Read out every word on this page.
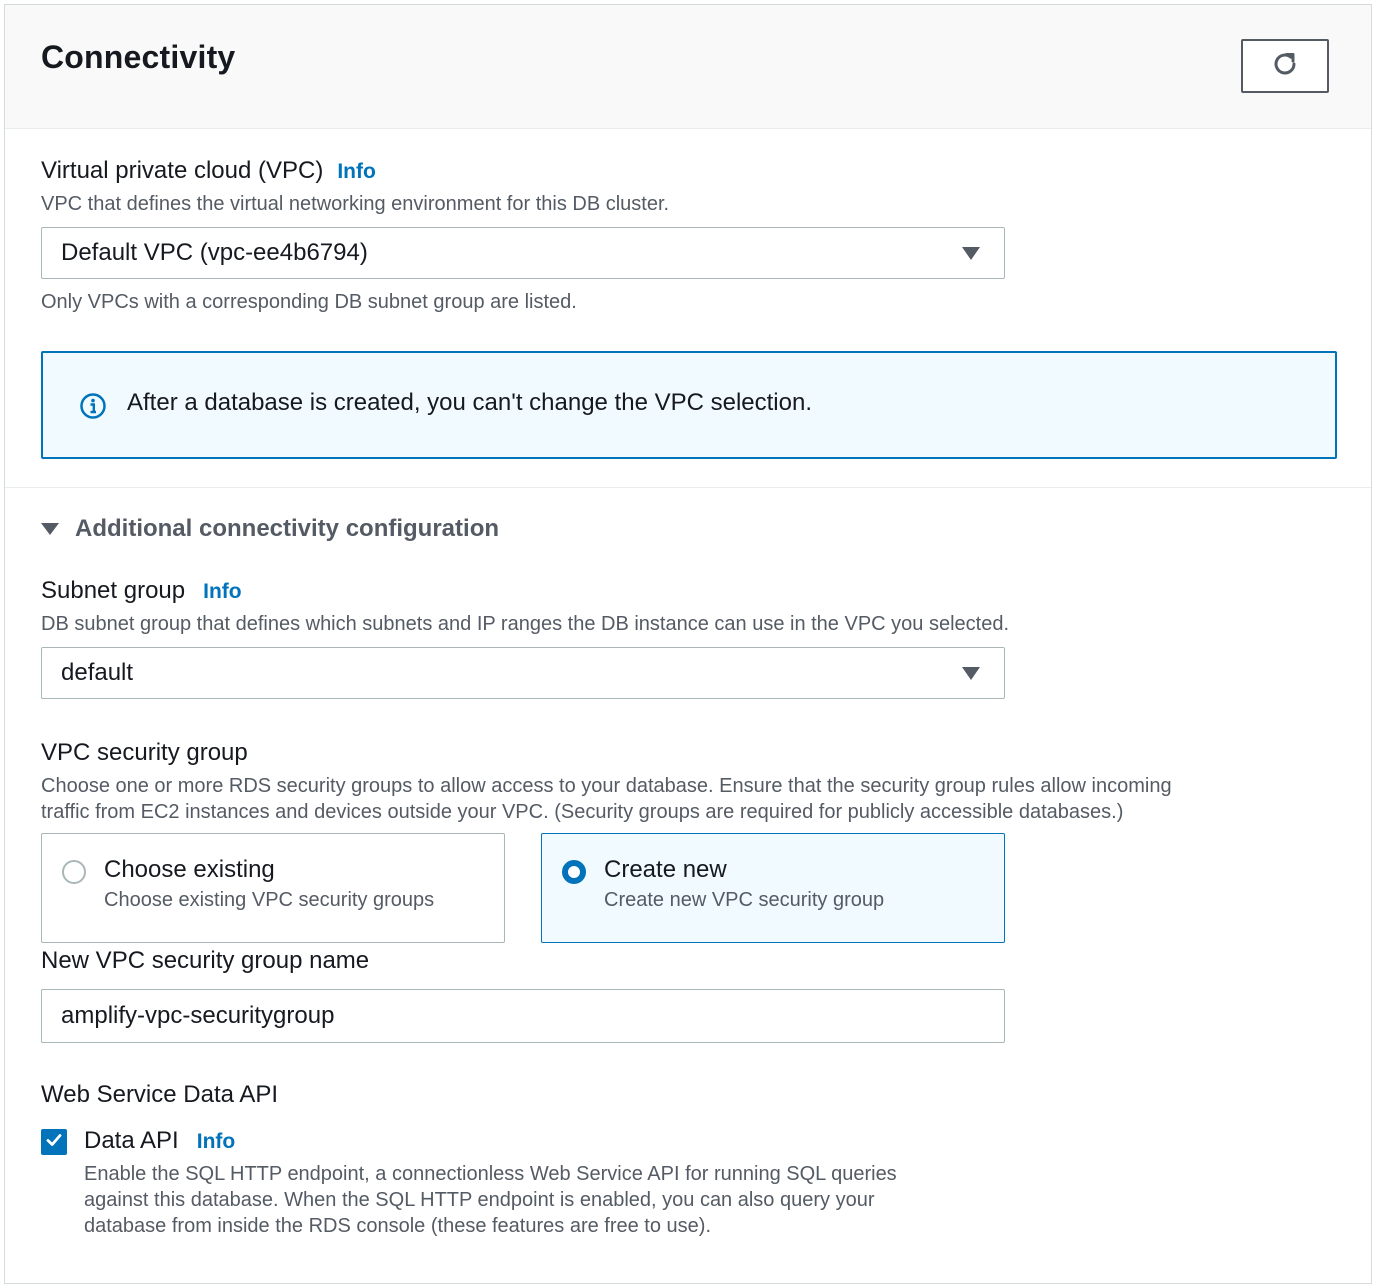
Connectivity
Virtual private cloud (VPC) Info
VPC that defines the virtual networking environment for this DB cluster.
Default VPC (vpc-ee4b6794)
Only VPCs with a corresponding DB subnet group are listed.
After a database is created, you can't change the VPC selection.
Additional connectivity configuration
Subnet group Info
DB subnet group that defines which subnets and IP ranges the DB instance can use in the VPC you selected.
default
VPC security group
Choose one or more RDS security groups to allow access to your database. Ensure that the security group rules allow incoming
traffic from EC2 instances and devices outside your VPC. (Security groups are required for publicly accessible databases.)
Choose existing
Choose existing VPC security groups
Create new
Create new VPC security group
New VPC security group name
amplify-vpc-securitygroup
Web Service Data API
Data API Info
Enable the SQL HTTP endpoint, a connectionless Web Service API for running SQL queries
against this database. When the SQL HTTP endpoint is enabled, you can also query your
database from inside the RDS console (these features are free to use).
